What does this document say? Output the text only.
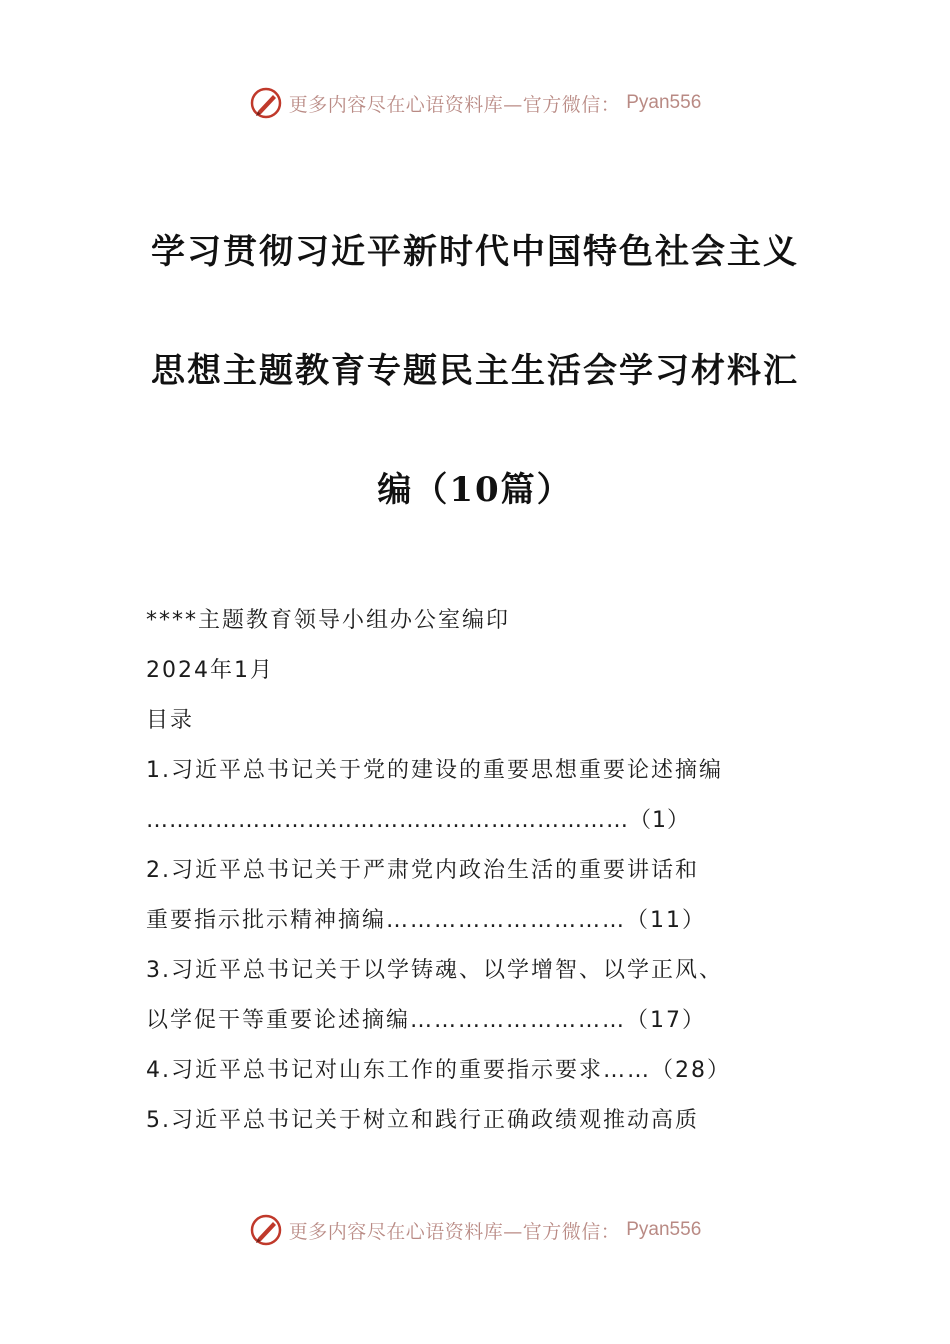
更多内容尽在心语资料库—官方微信： Pyan556
学习贯彻习近平新时代中国特色社会主义
思想主题教育专题民主生活会学习材料汇
编（10篇）
****主题教育领导小组办公室编印
2024年1月
目录
1.习近平总书记关于党的建设的重要思想重要论述摘编
………………………………………………………（1）
2.习近平总书记关于严肃党内政治生活的重要讲话和
重要指示批示精神摘编…………………………（11）
3.习近平总书记关于以学铸魂、以学增智、以学正风、
以学促干等重要论述摘编………………………（17）
4.习近平总书记对山东工作的重要指示要求……（28）
5.习近平总书记关于树立和践行正确政绩观推动高质
更多内容尽在心语资料库—官方微信： Pyan556
